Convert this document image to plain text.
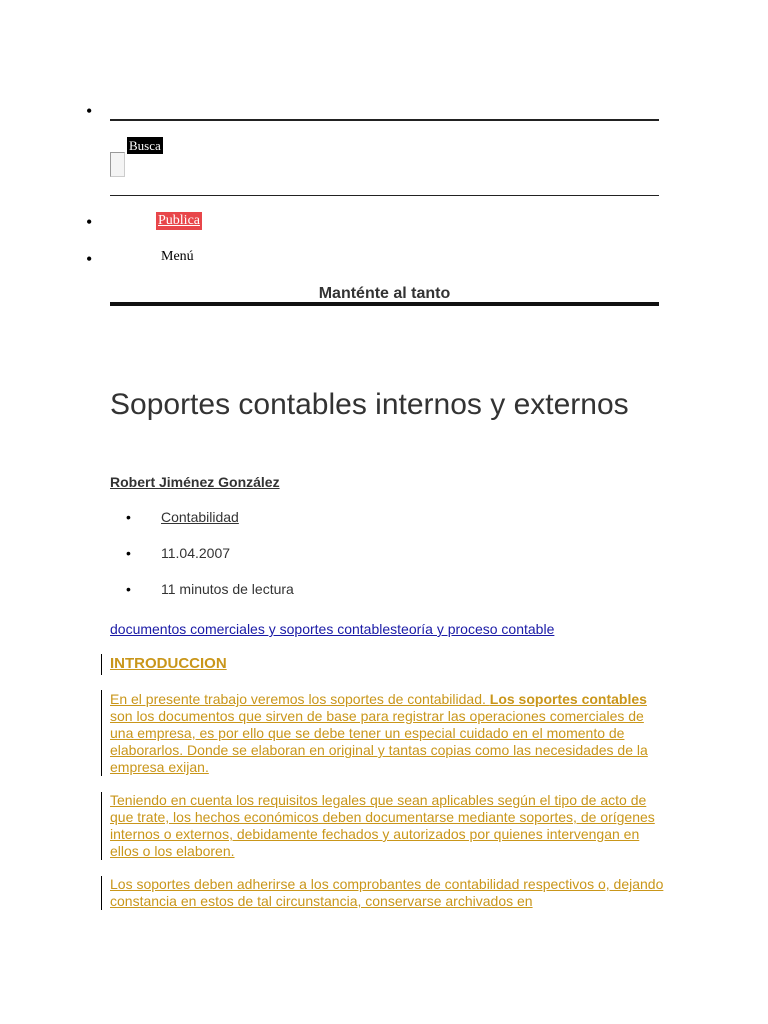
•
Busca
•	Publica
•	Menú
Manténte al tanto
Soportes contables internos y externos
Robert Jiménez González
• Contabilidad
• 11.04.2007
• 11 minutos de lectura
documentos comerciales y soportes contablesteoría y proceso contable
INTRODUCCION
En el presente trabajo veremos los soportes de contabilidad. Los soportes contables son los documentos que sirven de base para registrar las operaciones comerciales de una empresa, es por ello que se debe tener un especial cuidado en el momento de elaborarlos. Donde se elaboran en original y tantas copias como las necesidades de la empresa exijan.
Teniendo en cuenta los requisitos legales que sean aplicables según el tipo de acto de que trate, los hechos económicos deben documentarse mediante soportes, de orígenes internos o externos, debidamente fechados y autorizados por quienes intervengan en ellos o los elaboren.
Los soportes deben adherirse a los comprobantes de contabilidad respectivos o, dejando constancia en estos de tal circunstancia, conservarse archivados en
